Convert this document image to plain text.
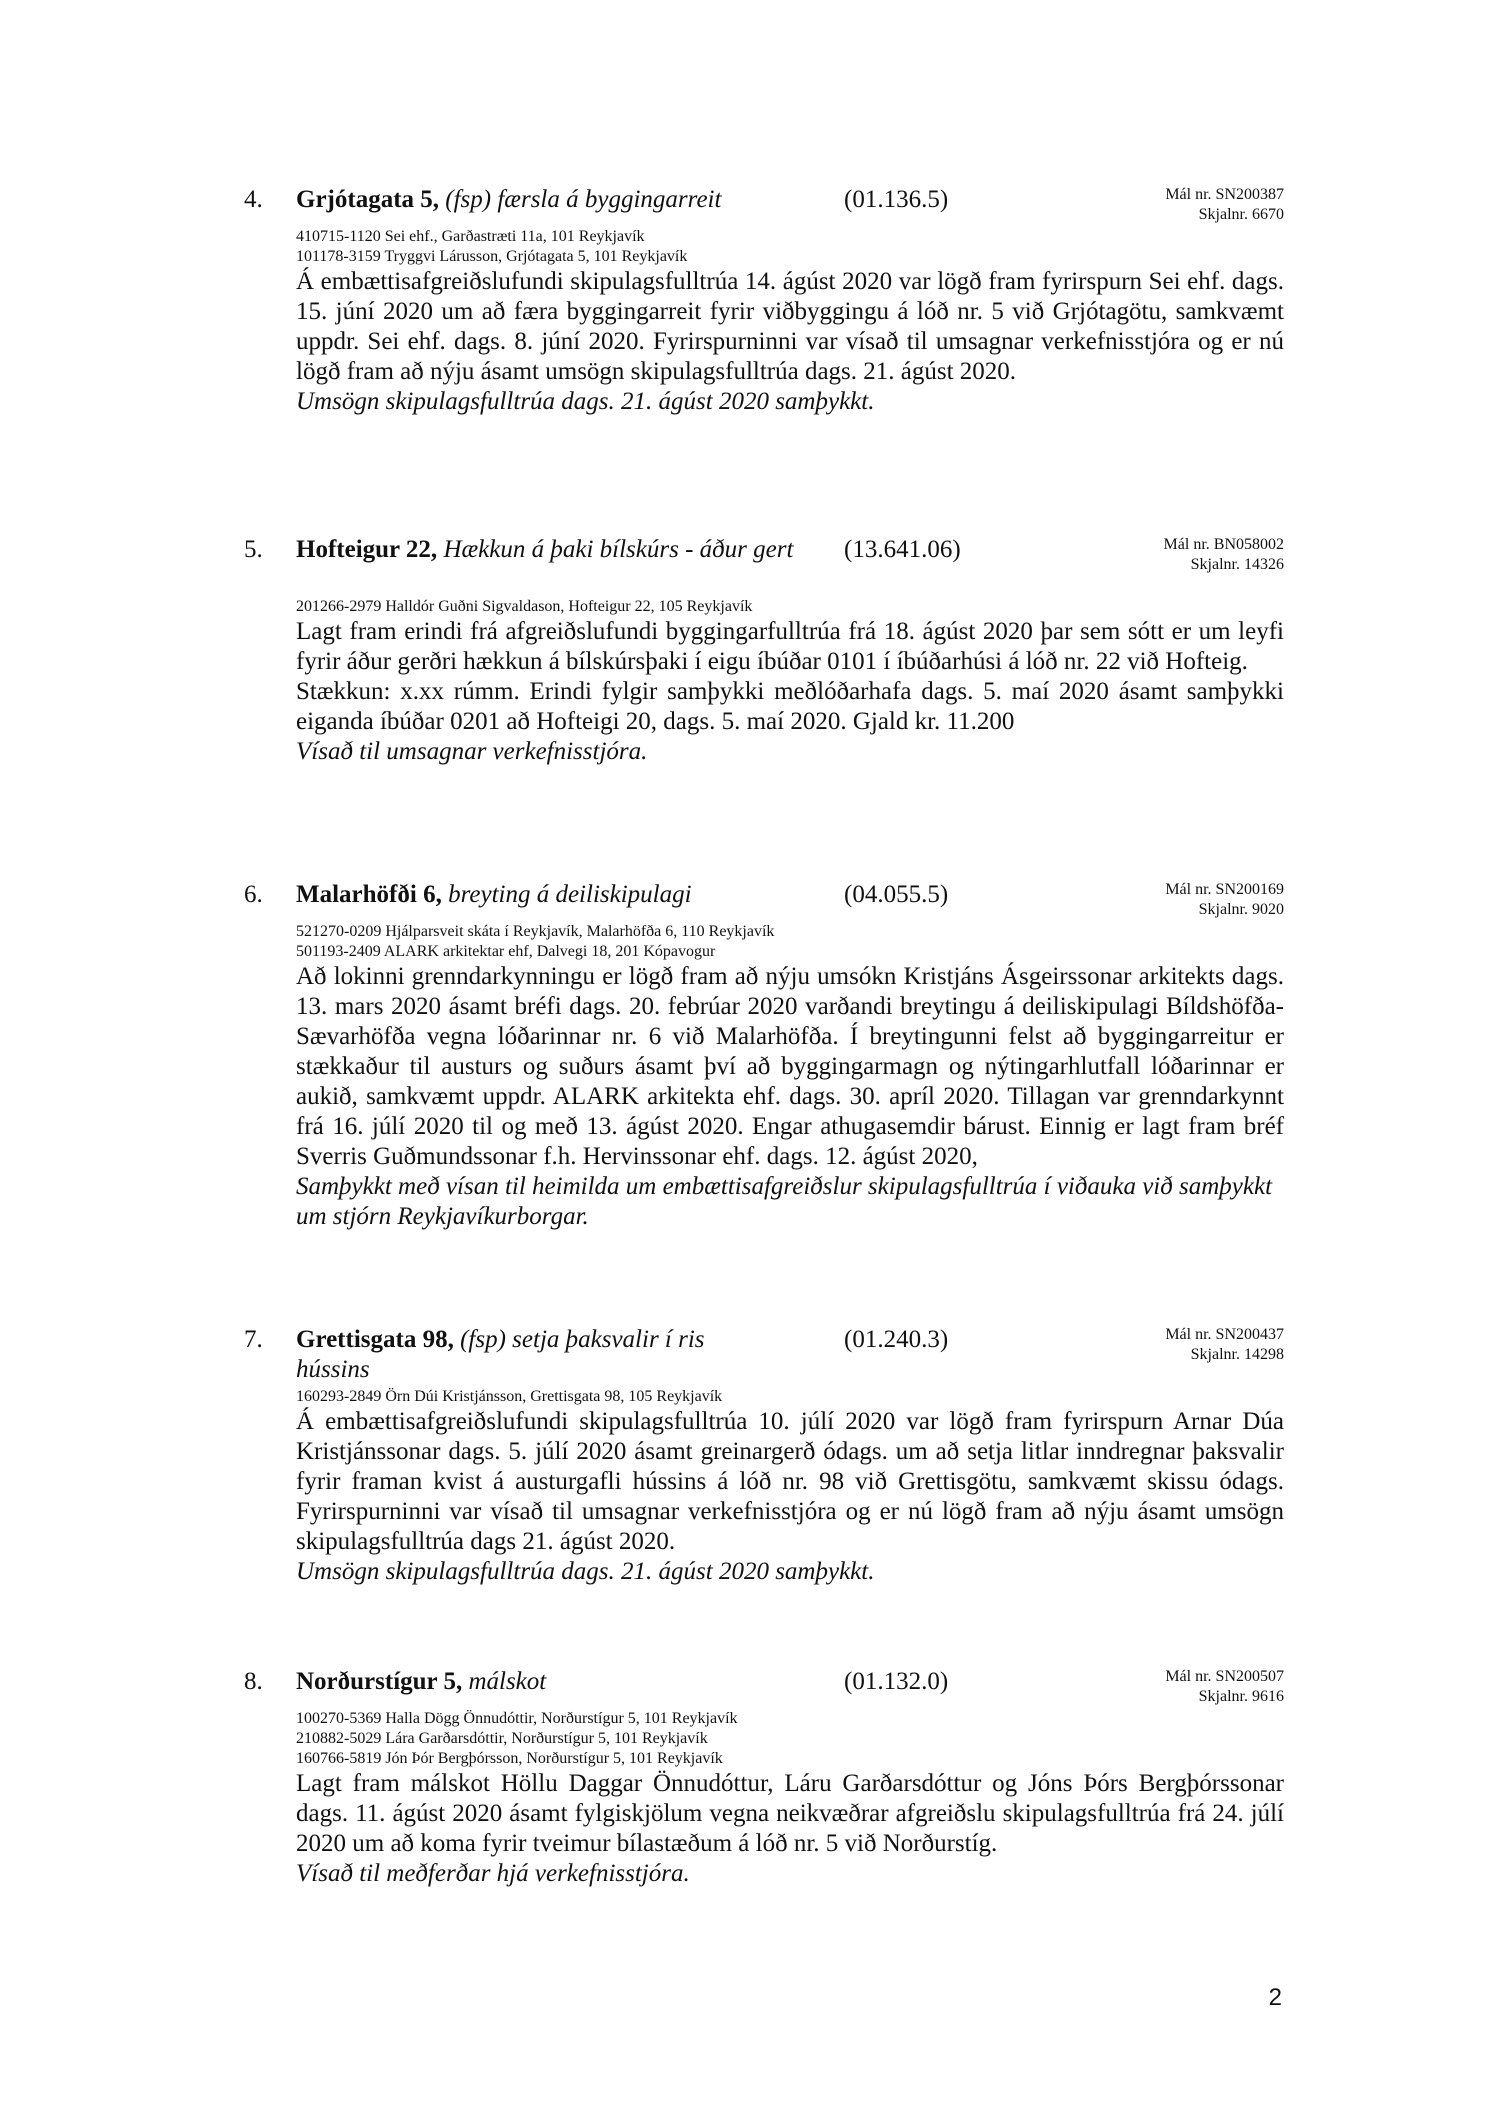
4. Grjótagata 5, (fsp) færsla á byggingarreit	(01.136.5)	Mál nr. SN200387
Skjalnr. 6670

410715-1120 Sei ehf., Garðastræti 11a, 101 Reykjavík

101178-3159 Tryggvi Lárusson, Grjótagata 5, 101 Reykjavík

Á embættisafgreiðslufundi skipulagsfulltrúa 14. ágúst 2020 var lögð fram fyrirspurn Sei ehf. dags. 15. júní 2020 um að færa byggingarreit fyrir viðbyggingu á lóð nr. 5 við Grjótagötu, samkvæmt uppdr. Sei ehf. dags. 8. júní 2020. Fyrirspurninni var vísað til umsagnar verkefnisstjóra og er nú lögð fram að nýju ásamt umsögn skipulagsfulltrúa dags. 21. ágúst 2020.

Umsögn skipulagsfulltrúa dags. 21. ágúst 2020 samþykkt.

5. Hofteigur 22, Hækkun á þaki bílskúrs - áður gert (13.641.06)	Mál nr. BN058002
Skjalnr. 14326

201266-2979 Halldór Guðni Sigvaldason, Hofteigur 22, 105 Reykjavík

Lagt fram erindi frá afgreiðslufundi byggingarfulltrúa frá 18. ágúst 2020 þar sem sótt er um leyfi fyrir áður gerðri hækkun á bílskúrsþaki í eigu íbúðar 0101 í íbúðarhúsi á lóð nr. 22 við Hofteig.

Stækkun: x.xx rúmm. Erindi fylgir samþykki meðlóðarhafa dags. 5. maí 2020 ásamt samþykki eiganda íbúðar 0201 að Hofteigi 20, dags. 5. maí 2020. Gjald kr. 11.200

Vísað til umsagnar verkefnisstjóra.

6. Malarhöfði 6, breyting á deiliskipulagi	(04.055.5)	Mál nr. SN200169
Skjalnr. 9020

521270-0209 Hjálparsveit skáta í Reykjavík, Malarhöfða 6, 110 Reykjavík

501193-2409 ALARK arkitektar ehf, Dalvegi 18, 201 Kópavogur

Að lokinni grenndarkynningu er lögð fram að nýju umsókn Kristjáns Ásgeirssonar arkitekts dags. 13. mars 2020 ásamt bréfi dags. 20. febrúar 2020 varðandi breytingu á deiliskipulagi Bíldshöfða-Sævarhöfða vegna lóðarinnar nr. 6 við Malarhöfða. Í breytingunni felst að byggingarreitur er stækkaður til austurs og suðurs ásamt því að byggingarmagn og nýtingarhlutfall lóðarinnar er aukið, samkvæmt uppdr. ALARK arkitekta ehf. dags. 30. apríl 2020. Tillagan var grenndarkynnt frá 16. júlí 2020 til og með 13. ágúst 2020. Engar athugasemdir bárust. Einnig er lagt fram bréf Sverris Guðmundssonar f.h. Hervinssonar ehf. dags. 12. ágúst 2020,

Samþykkt með vísan til heimilda um embættisafgreiðslur skipulagsfulltrúa í viðauka við samþykkt um stjórn Reykjavíkurborgar.

7. Grettisgata 98, (fsp) setja þaksvalir í ris hússins
(01.240.3)	Mál nr. SN200437
Skjalnr. 14298

160293-2849 Örn Dúi Kristjánsson, Grettisgata 98, 105 Reykjavík

Á embættisafgreiðslufundi skipulagsfulltrúa 10. júlí 2020 var lögð fram fyrirspurn Arnar Dúa Kristjánssonar dags. 5. júlí 2020 ásamt greinargerð ódags. um að setja litlar inndregnar þaksvalir fyrir framan kvist á austurgafli hússins á lóð nr. 98 við Grettisgötu, samkvæmt skissu ódags. Fyrirspurninni var vísað til umsagnar verkefnisstjóra og er nú lögð fram að nýju ásamt umsögn skipulagsfulltrúa dags 21. ágúst 2020.

Umsögn skipulagsfulltrúa dags. 21. ágúst 2020 samþykkt.

8. Norðurstígur 5, málskot	(01.132.0)	Mál nr. SN200507
Skjalnr. 9616

100270-5369 Halla Dögg Önnudóttir, Norðurstígur 5, 101 Reykjavík

210882-5029 Lára Garðarsdóttir, Norðurstígur 5, 101 Reykjavík

160766-5819 Jón Þór Bergþórsson, Norðurstígur 5, 101 Reykjavík

Lagt fram málskot Höllu Daggar Önnudóttur, Láru Garðarsdóttur og Jóns Þórs Bergþórssonar dags. 11. ágúst 2020 ásamt fylgiskjölum vegna neikvæðrar afgreiðslu skipulagsfulltrúa frá 24. júlí 2020 um að koma fyrir tveimur bílastæðum á lóð nr. 5 við Norðurstíg.

Vísað til meðferðar hjá verkefnisstjóra.

2
